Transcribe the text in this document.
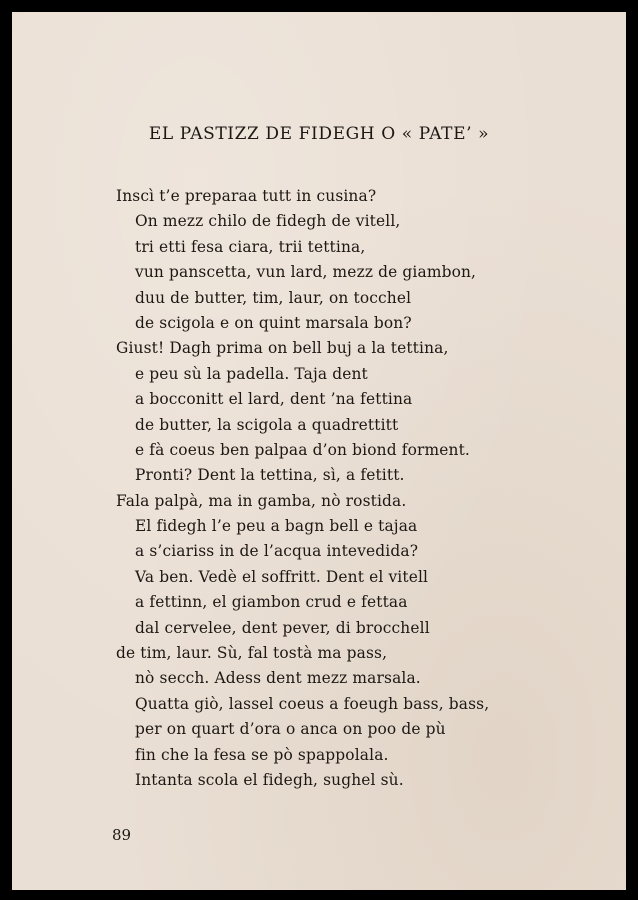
EL PASTIZZ DE FIDEGH O « PATE’ »
Inscì t’e preparaa tutt in cusina?
On mezz chilo de fidegh de vitell,
tri etti fesa ciara, trii tettina,
vun panscetta, vun lard, mezz de giambon,
duu de butter, tim, laur, on tocchel
de scigola e on quint marsala bon?
Giust! Dagh prima on bell buj a la tettina,
e peu sù la padella. Taja dent
a bocconitt el lard, dent ’na fettina
de butter, la scigola a quadrettitt
e fà coeus ben palpaa d’on biond forment.
Pronti? Dent la tettina, sì, a fetitt.
Fala palpà, ma in gamba, nò rostida.
El fidegh l’e peu a bagn bell e tajaa
a s’ciariss in de l’acqua intevedida?
Va ben. Vedè el soffritt. Dent el vitell
a fettinn, el giambon crud e fettaa
dal cervelee, dent pever, di brocchell
de tim, laur. Sù, fal tostà ma pass,
nò secch. Adess dent mezz marsala.
Quatta giò, lassel coeus a foeugh bass, bass,
per on quart d’ora o anca on poo de pù
fin che la fesa se pò spappolala.
Intanta scola el fidegh, sughel sù.
89
